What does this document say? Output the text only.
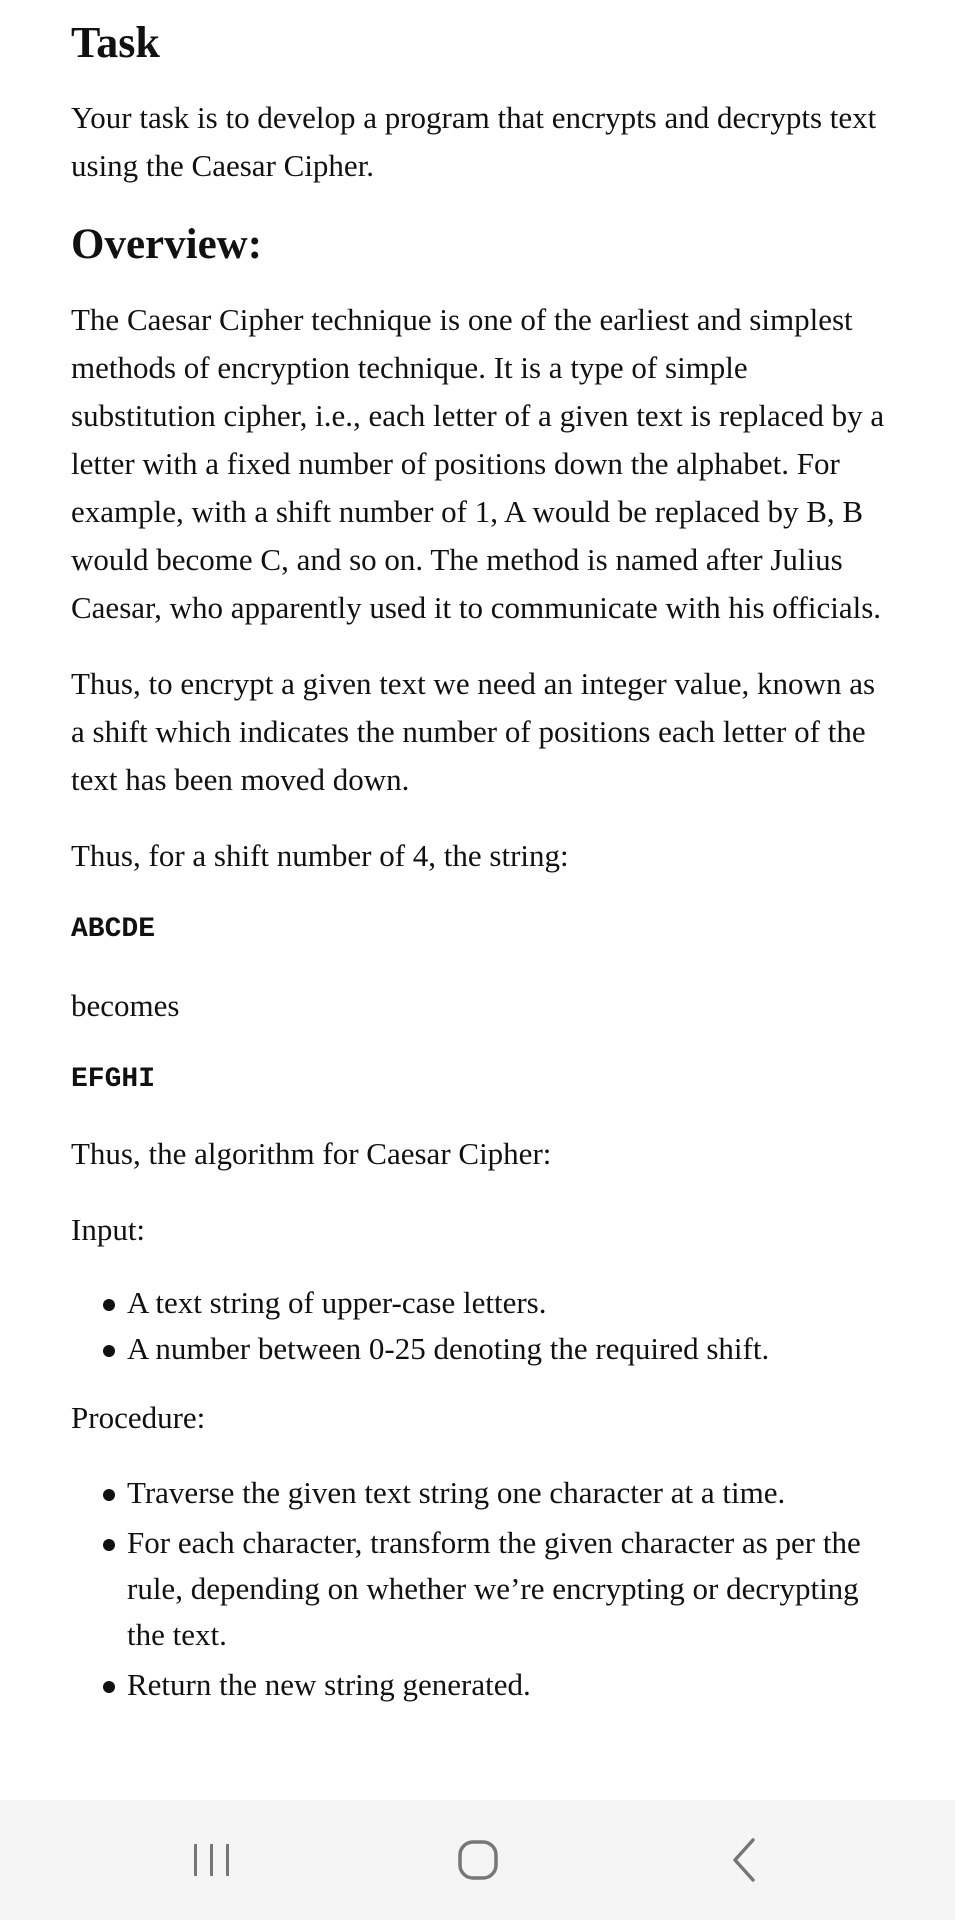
Task

Your task is to develop a program that encrypts and decrypts text using the Caesar Cipher.

Overview:

The Caesar Cipher technique is one of the earliest and simplest methods of encryption technique. It is a type of simple substitution cipher, i.e., each letter of a given text is replaced by a letter with a fixed number of positions down the alphabet. For example, with a shift number of 1, A would be replaced by B, B would become C, and so on. The method is named after Julius Caesar, who apparently used it to communicate with his officials.

Thus, to encrypt a given text we need an integer value, known as a shift which indicates the number of positions each letter of the text has been moved down.

Thus, for a shift number of 4, the string:

ABCDE

becomes

EFGHI

Thus, the algorithm for Caesar Cipher:

Input:

A text string of upper-case letters.
A number between 0-25 denoting the required shift.

Procedure:

Traverse the given text string one character at a time.
For each character, transform the given character as per the rule, depending on whether we’re encrypting or decrypting the text.
Return the new string generated.
